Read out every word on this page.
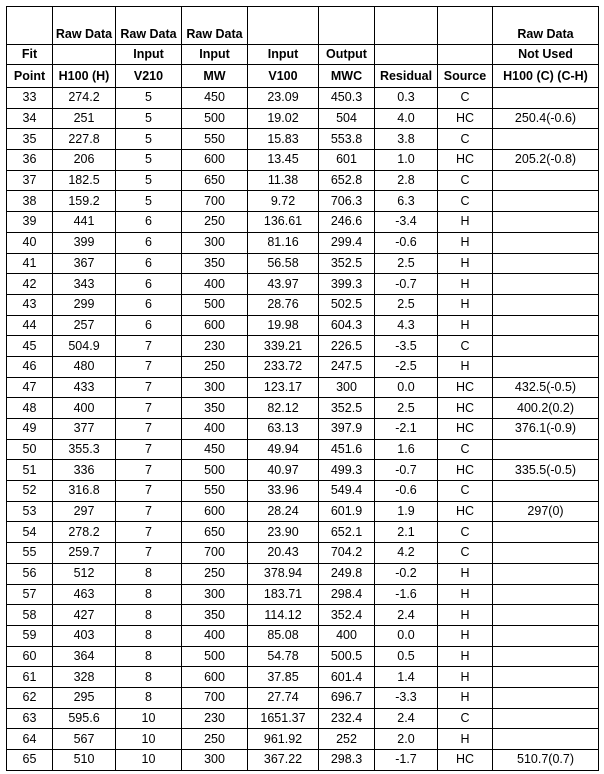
	Raw Data	Raw Data	Raw Data					Raw Data
Fit		Input	Input	Input	Output			Not Used
Point	H100 (H)	V210	MW	V100	MWC	Residual	Source	H100 (C) (C-H)
33	274.2	5	450	23.09	450.3	0.3	C	
34	251	5	500	19.02	504	4.0	HC	250.4(-0.6)
35	227.8	5	550	15.83	553.8	3.8	C	
36	206	5	600	13.45	601	1.0	HC	205.2(-0.8)
37	182.5	5	650	11.38	652.8	2.8	C	
38	159.2	5	700	9.72	706.3	6.3	C	
39	441	6	250	136.61	246.6	-3.4	H	
40	399	6	300	81.16	299.4	-0.6	H	
41	367	6	350	56.58	352.5	2.5	H	
42	343	6	400	43.97	399.3	-0.7	H	
43	299	6	500	28.76	502.5	2.5	H	
44	257	6	600	19.98	604.3	4.3	H	
45	504.9	7	230	339.21	226.5	-3.5	C	
46	480	7	250	233.72	247.5	-2.5	H	
47	433	7	300	123.17	300	0.0	HC	432.5(-0.5)
48	400	7	350	82.12	352.5	2.5	HC	400.2(0.2)
49	377	7	400	63.13	397.9	-2.1	HC	376.1(-0.9)
50	355.3	7	450	49.94	451.6	1.6	C	
51	336	7	500	40.97	499.3	-0.7	HC	335.5(-0.5)
52	316.8	7	550	33.96	549.4	-0.6	C	
53	297	7	600	28.24	601.9	1.9	HC	297(0)
54	278.2	7	650	23.90	652.1	2.1	C	
55	259.7	7	700	20.43	704.2	4.2	C	
56	512	8	250	378.94	249.8	-0.2	H	
57	463	8	300	183.71	298.4	-1.6	H	
58	427	8	350	114.12	352.4	2.4	H	
59	403	8	400	85.08	400	0.0	H	
60	364	8	500	54.78	500.5	0.5	H	
61	328	8	600	37.85	601.4	1.4	H	
62	295	8	700	27.74	696.7	-3.3	H	
63	595.6	10	230	1651.37	232.4	2.4	C	
64	567	10	250	961.92	252	2.0	H	
65	510	10	300	367.22	298.3	-1.7	HC	510.7(0.7)
